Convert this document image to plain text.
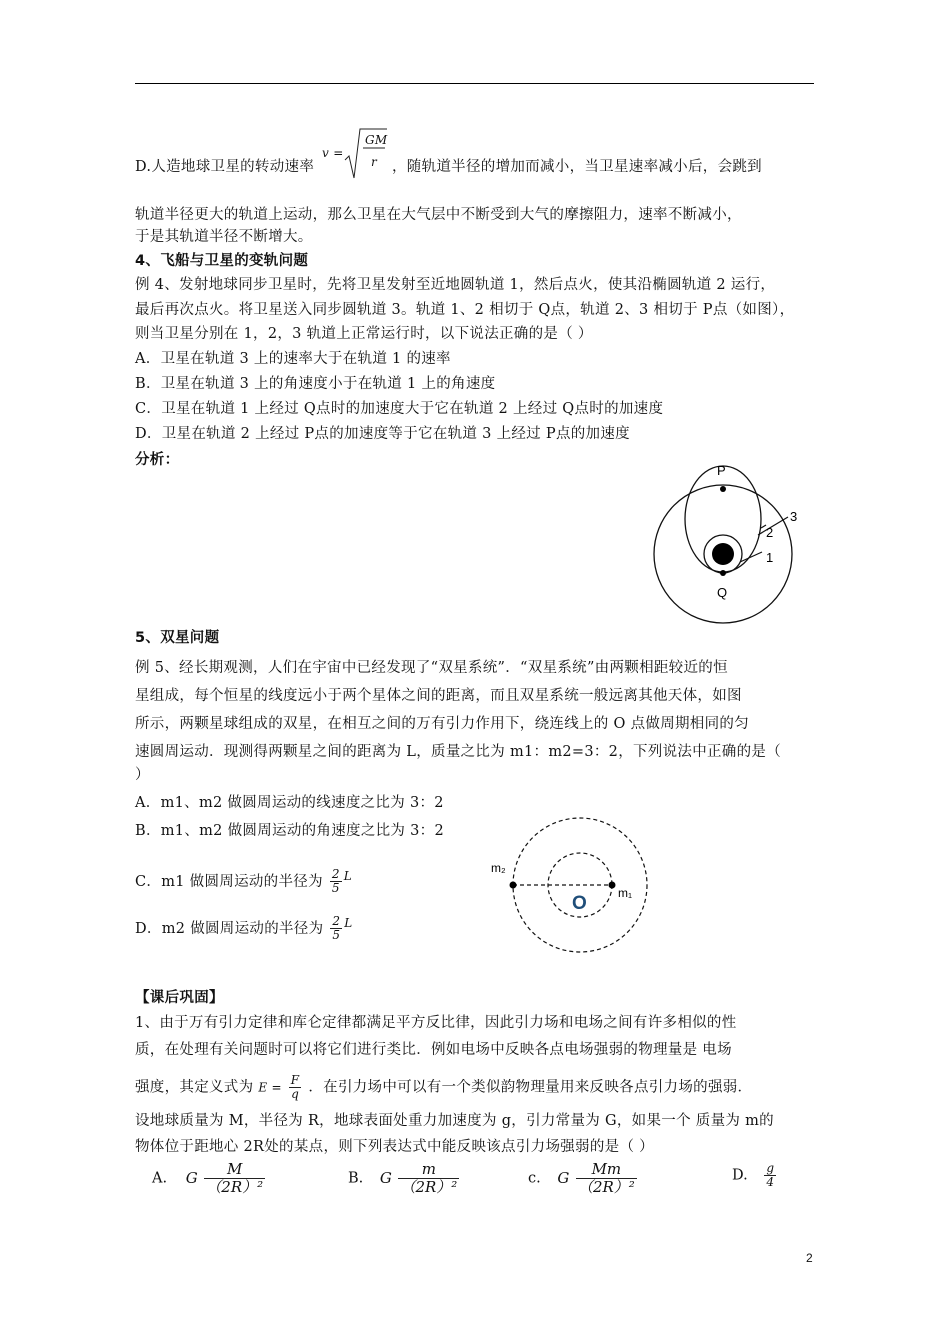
D.人造地球卫星的转动速率
v =
GM
r ，随轨道半径的增加而减小，当卫星速率减小后，会跳到
轨道半径更大的轨道上运动，那么卫星在大气层中不断受到大气的摩擦阻力，速率不断减小，
于是其轨道半径不断增大。
4、飞船与卫星的变轨问题
例 4、发射地球同步卫星时，先将卫星发射至近地圆轨道 1，然后点火，使其沿椭圆轨道 2 运行，
最后再次点火。将卫星送入同步圆轨道 3。轨道 1、2 相切于 Q点，轨道 2、3 相切于 P点（如图），
则当卫星分别在 1，2，3 轨道上正常运行时，以下说法正确的是（ ）
A．卫星在轨道 3 上的速率大于在轨道 1 的速率
B．卫星在轨道 3 上的角速度小于在轨道 1 上的角速度
C．卫星在轨道 1 上经过 Q点时的加速度大于它在轨道 2 上经过 Q点时的加速度
D．卫星在轨道 2 上经过 P点的加速度等于它在轨道 3 上经过 P点的加速度
分析：
P
Q
3
2
1
5、双星问题
例 5、经长期观测，人们在宇宙中已经发现了“双星系统”．“双星系统”由两颗相距较近的恒
星组成，每个恒星的线度远小于两个星体之间的距离，而且双星系统一般远离其他天体，如图
所示，两颗星球组成的双星，在相互之间的万有引力作用下，绕连线上的 O 点做周期相同的匀
速圆周运动．现测得两颗星之间的距离为 L，质量之比为 m1：m2=3：2，下列说法中正确的是（
）
A．m1、m2 做圆周运动的线速度之比为 3：2
B．m1、m2 做圆周运动的角速度之比为 3：2
C．m1 做圆周运动的半径为 $\frac{2}{5} ^L$
D．m2 做圆周运动的半径为 $\frac{2}{5} ^L$
m₂
m₁
O
【课后巩固】
1、由于万有引力定律和库仑定律都满足平方反比律，因此引力场和电场之间有许多相似的性
质，在处理有关问题时可以将它们进行类比．例如电场中反映各点电场强弱的物理量是 电场
强度，其定义式为 $E = \frac{F}{q}$ ．在引力场中可以有一个类似韵物理量用来反映各点引力场的强弱．
设地球质量为 M，半径为 R，地球表面处重力加速度为 g，引力常量为 G，如果一个 质量为 m的
物体位于距地心 2R处的某点，则下列表达式中能反映该点引力场强弱的是（ ）
A. G $\frac{M}{\text{（2R）²}}$	B. G $\frac{m}{\text{（2R）²}}$	c. G $\frac{Mm}{\text{（2R）²}}$	D. $\frac{g}{4}$
2
